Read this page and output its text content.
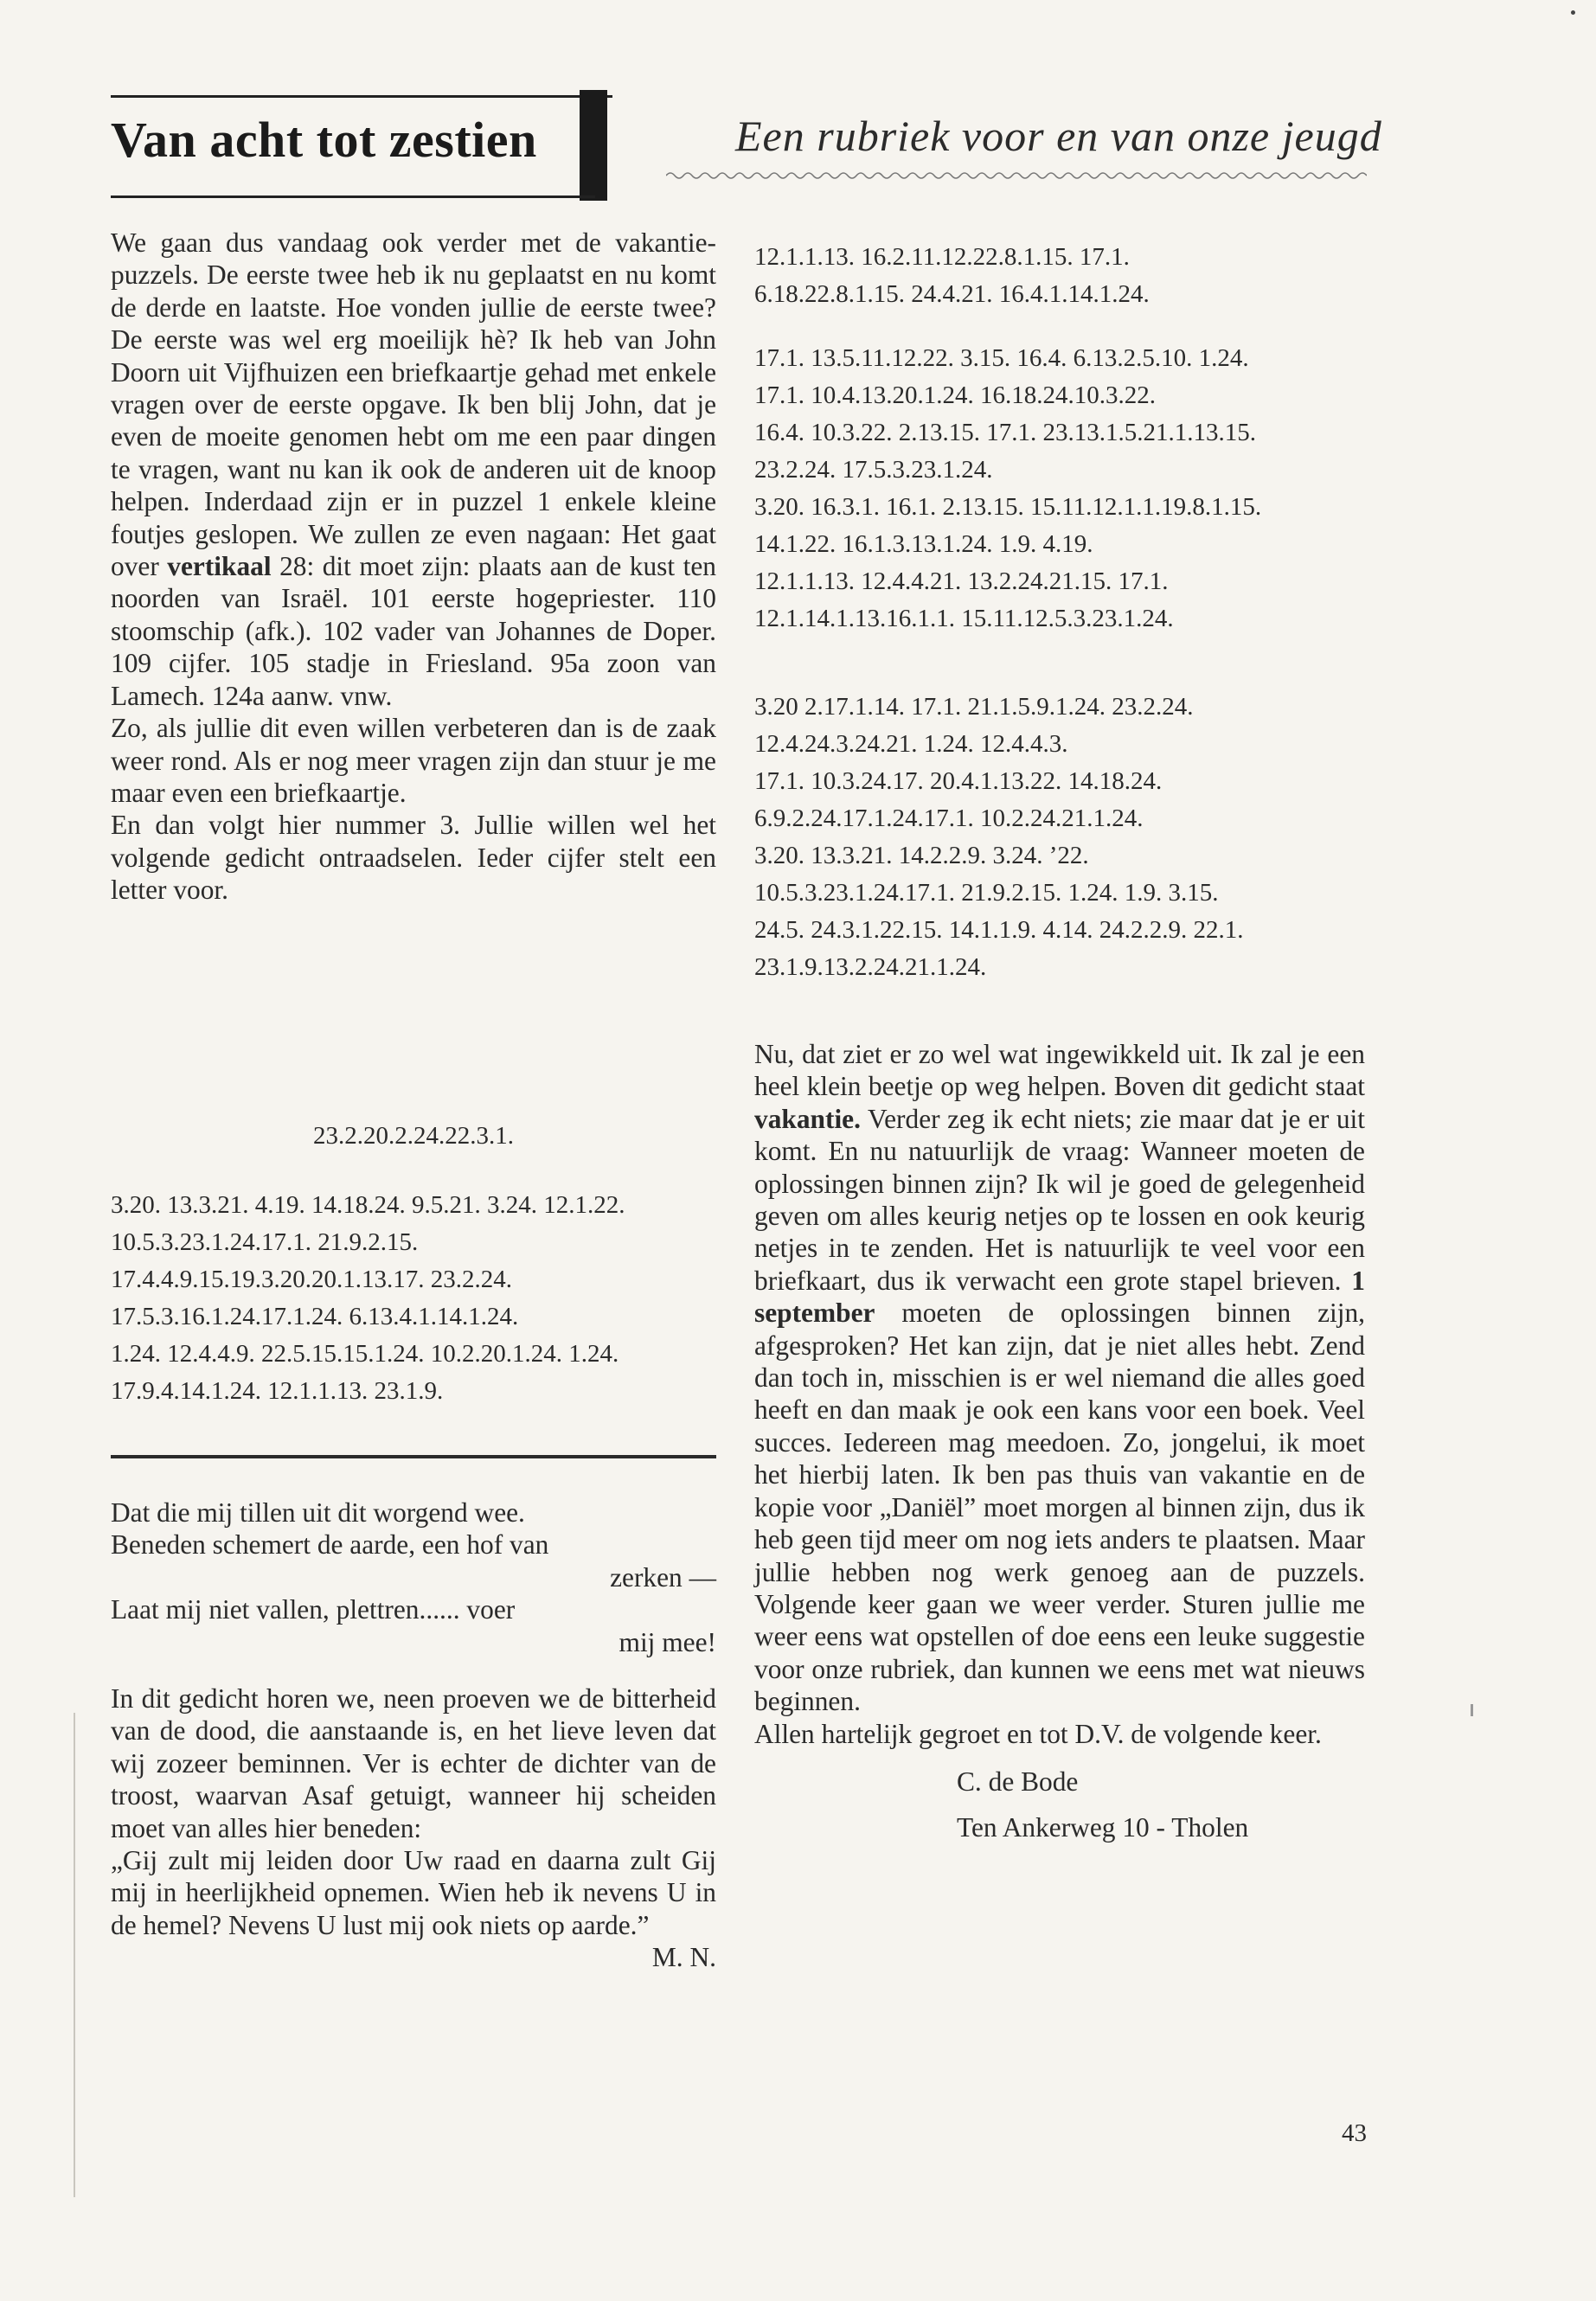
Van acht tot zestien	Een rubriek voor en van onze jeugd

We gaan dus vandaag ook verder met de vakantie-puzzels. De eerste twee heb ik nu geplaatst en nu komt de derde en laatste. Hoe vonden jullie de eerste twee? De eerste was wel erg moeilijk hè? Ik heb van John Doorn uit Vijfhuizen een briefkaartje gehad met enkele vragen over de eerste opgave. Ik ben blij John, dat je even de moeite genomen hebt om me een paar dingen te vragen, want nu kan ik ook de anderen uit de knoop helpen. Inderdaad zijn er in puzzel 1 enkele kleine foutjes geslopen. We zullen ze even nagaan: Het gaat over vertikaal 28: dit moet zijn: plaats aan de kust ten noorden van Israël. 101 eerste hogepriester. 110 stoomschip (afk.). 102 vader van Johannes de Doper. 109 cijfer. 105 stadje in Friesland. 95a zoon van Lamech. 124a aanw. vnw.

Zo, als jullie dit even willen verbeteren dan is de zaak weer rond. Als er nog meer vragen zijn dan stuur je me maar even een briefkaartje.

En dan volgt hier nummer 3. Jullie willen wel het volgende gedicht ontraadselen. Ieder cijfer stelt een letter voor.

23.2.20.2.24.22.3.1.
3.20. 13.3.21. 4.19. 14.18.24. 9.5.21. 3.24. 12.1.22.
10.5.3.23.1.24.17.1. 21.9.2.15.
17.4.4.9.15.19.3.20.20.1.13.17. 23.2.24.
17.5.3.16.1.24.17.1.24. 6.13.4.1.14.1.24.
1.24. 12.4.4.9. 22.5.15.15.1.24. 10.2.20.1.24. 1.24.
17.9.4.14.1.24. 12.1.1.13. 23.1.9.
Dat die mij tillen uit dit worgend wee.
Beneden schemert de aarde, een hof van
zerken —
Laat mij niet vallen, plettren...... voer
mij mee!

In dit gedicht horen we, neen proeven we de bitterheid van de dood, die aanstaande is, en het lieve leven dat wij zozeer beminnen. Ver is echter de dichter van de troost, waarvan Asaf getuigt, wanneer hij scheiden moet van alles hier beneden:

„Gij zult mij leiden door Uw raad en daarna zult Gij mij in heerlijkheid opnemen. Wien heb ik nevens U in de hemel? Nevens U lust mij ook niets op aarde.”

M. N.
12.1.1.13. 16.2.11.12.22.8.1.15. 17.1.
6.18.22.8.1.15. 24.4.21. 16.4.1.14.1.24.
17.1. 13.5.11.12.22. 3.15. 16.4. 6.13.2.5.10. 1.24.
17.1. 10.4.13.20.1.24. 16.18.24.10.3.22.
16.4. 10.3.22. 2.13.15. 17.1. 23.13.1.5.21.1.13.15.
23.2.24. 17.5.3.23.1.24.
3.20. 16.3.1. 16.1. 2.13.15. 15.11.12.1.1.19.8.1.15.
14.1.22. 16.1.3.13.1.24. 1.9. 4.19.
12.1.1.13. 12.4.4.21. 13.2.24.21.15. 17.1.
12.1.14.1.13.16.1.1. 15.11.12.5.3.23.1.24.
3.20 2.17.1.14. 17.1. 21.1.5.9.1.24. 23.2.24.
12.4.24.3.24.21. 1.24. 12.4.4.3.
17.1. 10.3.24.17. 20.4.1.13.22. 14.18.24.
6.9.2.24.17.1.24.17.1. 10.2.24.21.1.24.
3.20. 13.3.21. 14.2.2.9. 3.24. ’22.
10.5.3.23.1.24.17.1. 21.9.2.15. 1.24. 1.9. 3.15.
24.5. 24.3.1.22.15. 14.1.1.9. 4.14. 24.2.2.9. 22.1.
23.1.9.13.2.24.21.1.24.

Nu, dat ziet er zo wel wat ingewikkeld uit. Ik zal je een heel klein beetje op weg helpen. Boven dit gedicht staat vakantie. Verder zeg ik echt niets; zie maar dat je er uit komt. En nu natuurlijk de vraag: Wanneer moeten de oplossingen binnen zijn? Ik wil je goed de gelegenheid geven om alles keurig netjes op te lossen en ook keurig netjes in te zenden. Het is natuurlijk te veel voor een briefkaart, dus ik verwacht een grote stapel brieven. 1 september moeten de oplossingen binnen zijn, afgesproken? Het kan zijn, dat je niet alles hebt. Zend dan toch in, misschien is er wel niemand die alles goed heeft en dan maak je ook een kans voor een boek. Veel succes. Iedereen mag meedoen. Zo, jongelui, ik moet het hierbij laten. Ik ben pas thuis van vakantie en de kopie voor „Daniël” moet morgen al binnen zijn, dus ik heb geen tijd meer om nog iets anders te plaatsen. Maar jullie hebben nog werk genoeg aan de puzzels. Volgende keer gaan we weer verder. Sturen jullie me weer eens wat opstellen of doe eens een leuke suggestie voor onze rubriek, dan kunnen we eens met wat nieuws beginnen.

Allen hartelijk gegroet en tot D.V. de volgende keer.

C. de Bode
Ten Ankerweg 10 - Tholen
43
